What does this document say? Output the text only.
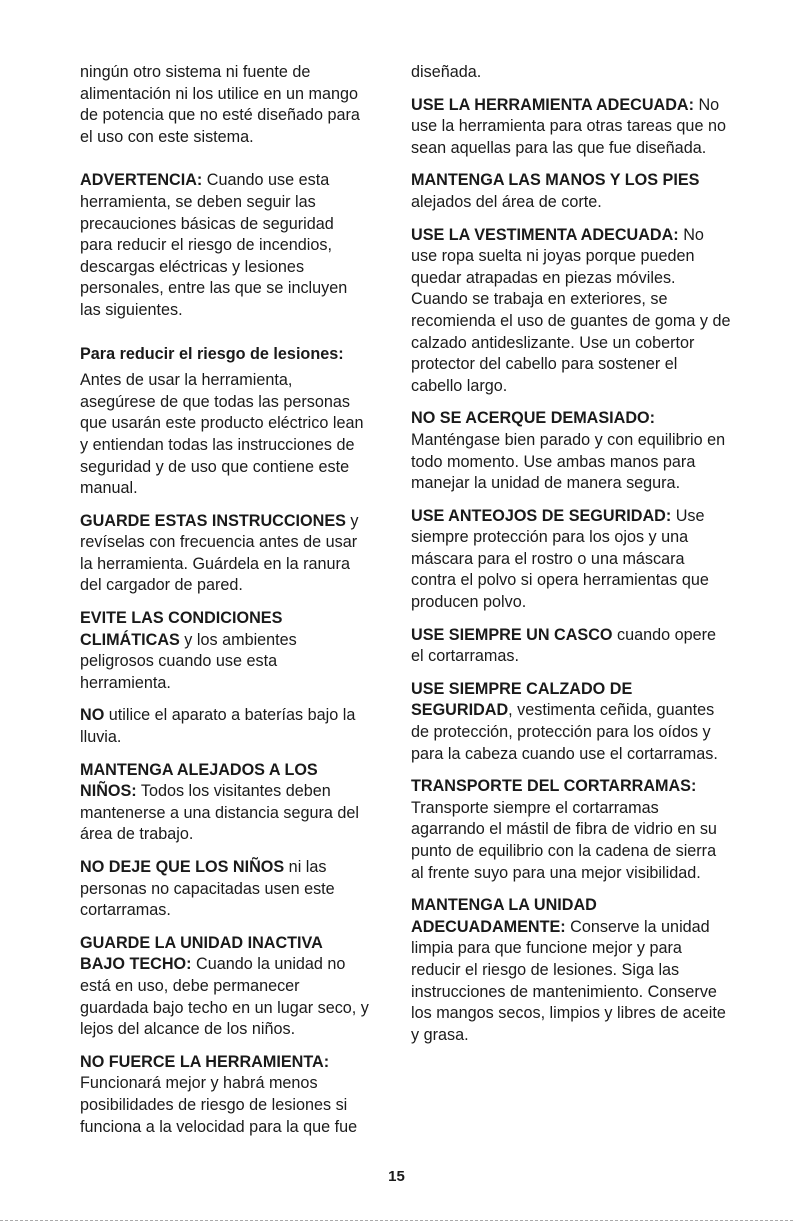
ningún otro sistema ni fuente de alimentación ni los utilice en un mango de potencia que no esté diseñado para el uso con este sistema.

ADVERTENCIA: Cuando use esta herramienta, se deben seguir las precauciones básicas de seguridad para reducir el riesgo de incendios, descargas eléctricas y lesiones personales, entre las que se incluyen las siguientes.

Para reducir el riesgo de lesiones:

Antes de usar la herramienta, asegúrese de que todas las personas que usarán este producto eléctrico lean y entiendan todas las instrucciones de seguridad y de uso que contiene este manual.

GUARDE ESTAS INSTRUCCIONES y revíselas con frecuencia antes de usar la herramienta. Guárdela en la ranura del cargador de pared.

EVITE LAS CONDICIONES CLIMÁTICAS y los ambientes peligrosos cuando use esta herramienta.

NO utilice el aparato a baterías bajo la lluvia.

MANTENGA ALEJADOS A LOS NIÑOS: Todos los visitantes deben mantenerse a una distancia segura del área de trabajo.

NO DEJE QUE LOS NIÑOS ni las personas no capacitadas usen este cortarramas.

GUARDE LA UNIDAD INACTIVA BAJO TECHO: Cuando la unidad no está en uso, debe permanecer guardada bajo techo en un lugar seco, y lejos del alcance de los niños.

NO FUERCE LA HERRAMIENTA: Funcionará mejor y habrá menos posibilidades de riesgo de lesiones si funciona a la velocidad para la que fue

diseñada.

USE LA HERRAMIENTA ADECUADA: No use la herramienta para otras tareas que no sean aquellas para las que fue diseñada.

MANTENGA LAS MANOS Y LOS PIES alejados del área de corte.

USE LA VESTIMENTA ADECUADA: No use ropa suelta ni joyas porque pueden quedar atrapadas en piezas móviles. Cuando se trabaja en exteriores, se recomienda el uso de guantes de goma y de calzado antideslizante. Use un cobertor protector del cabello para sostener el cabello largo.

NO SE ACERQUE DEMASIADO: Manténgase bien parado y con equilibrio en todo momento. Use ambas manos para manejar la unidad de manera segura.

USE ANTEOJOS DE SEGURIDAD: Use siempre protección para los ojos y una máscara para el rostro o una máscara contra el polvo si opera herramientas que producen polvo.

USE SIEMPRE UN CASCO cuando opere el cortarramas.

USE SIEMPRE CALZADO DE SEGURIDAD, vestimenta ceñida, guantes de protección, protección para los oídos y para la cabeza cuando use el cortarramas.

TRANSPORTE DEL CORTARRAMAS: Transporte siempre el cortarramas agarrando el mástil de fibra de vidrio en su punto de equilibrio con la cadena de sierra al frente suyo para una mejor visibilidad.

MANTENGA LA UNIDAD ADECUADAMENTE: Conserve la unidad limpia para que funcione mejor y para reducir el riesgo de lesiones. Siga las instrucciones de mantenimiento. Conserve los mangos secos, limpios y libres de aceite y grasa.

15
